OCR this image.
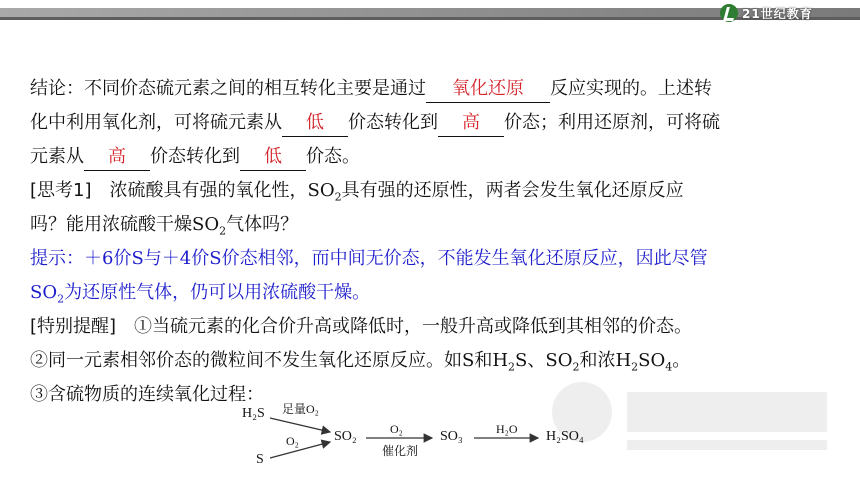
21世纪教育
结论：不同价态硫元素之间的相互转化主要是通过 氧化还原 反应实现的。上述转
化中利用氧化剂，可将硫元素从 低 价态转化到 高 价态；利用还原剂，可将硫
元素从 高 价态转化到 低 价态。
[思考1]　浓硫酸具有强的氧化性，$SO_2$具有强的还原性，两者会发生氧化还原反应
吗？能用浓硫酸干燥$SO_2$气体吗？
提示：＋6价S与＋4价S价态相邻，而中间无价态，不能发生氧化还原反应，因此尽管
$SO_2$为还原性气体，仍可以用浓硫酸干燥。
[特别提醒]　①当硫元素的化合价升高或降低时，一般升高或降低到其相邻的价态。
②同一元素相邻价态的微粒间不发生氧化还原反应。如S和$H_2S$、$SO_2$和浓$H_2SO_4$。
③含硫物质的连续氧化过程：
H₂S
S
SO₂	SO₃	H₂SO₄
足量O₂
O₂
O₂
催化剂
H₂O
